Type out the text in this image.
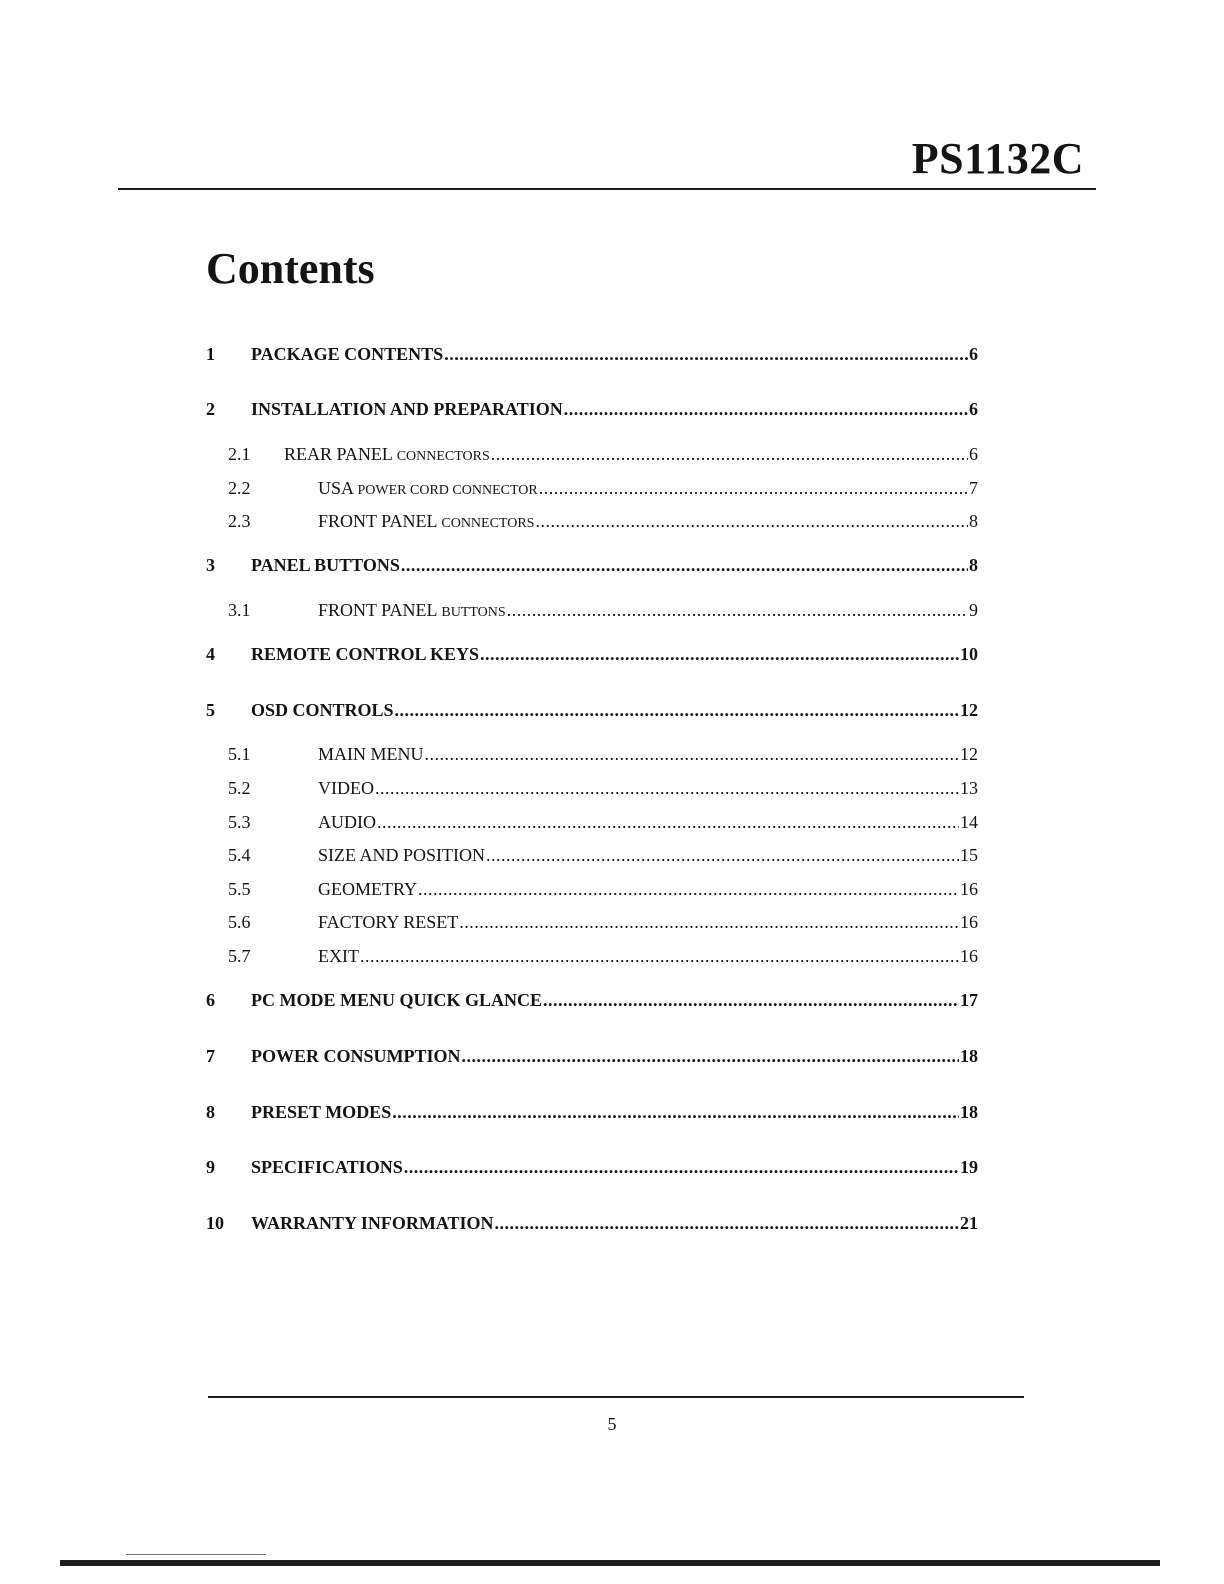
PS1132C
Contents
1 PACKAGE CONTENTS .....	6
2 INSTALLATION AND PREPARATION .....	6
2.1 REAR PANEL CONNECTORS .....	6
2.2	USA POWER CORD CONNECTOR .....	7
2.3	FRONT PANEL CONNECTORS .....	8
3 PANEL BUTTONS .....	8
3.1	FRONT PANEL BUTTONS .....	9
4 REMOTE CONTROL KEYS .....	10
5 OSD CONTROLS .....	12
5.1	MAIN MENU .....	12
5.2	VIDEO .....	13
5.3	AUDIO .....	14
5.4	SIZE AND POSITION .....	15
5.5	GEOMETRY .....	16
5.6	FACTORY RESET .....	16
5.7	EXIT .....	16
6 PC MODE MENU QUICK GLANCE .....	17
7 POWER CONSUMPTION .....	18
8 PRESET MODES .....	18
9 SPECIFICATIONS .....	19
10 WARRANTY INFORMATION .....	21
5
